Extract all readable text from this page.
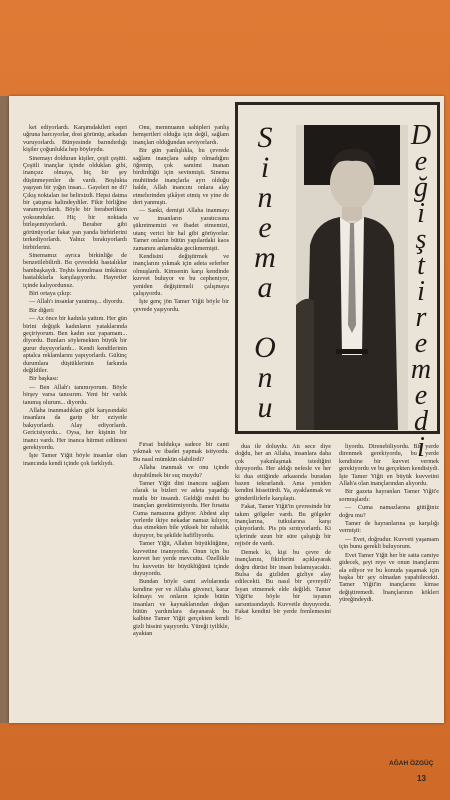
ket ediyorlardı. Karşımdakileri espri uğruna harcıyorlar, dost görünüp, arkadan vuruyorlardı. Bünyesinde barındırdığı kişiler çoğunlukla hep böyleydu.

Sinemayı dolduran kişiler, çeşit çeşitti. Çeşitli inançlar içinde olduklan gibi, inançsız olmaya, hiç bir şey düşünmeyenler de vardı. Boşlukta yaşıyan bir yığın insan... Gayeleri ne di? Çıkış noktaları ise belirsizdi. Hepsi daima bir çatışma halindeydiler. Fikir birliğine varamıyorlardı. Böyle bir beraberlikten yoksundular. Hiç bir noktada birleşemiyorlardı. Beraber gibi görünüyorlar fakat yan yanda birbirlerini terkediyorlardı. Yalnız bırakıyorlardı birbirlerini.

Sinemamız ayrıca birkinliğe de benzetilebilirdi. Bu çevredeki hastalıklar bambaşkaydı. Teşhis konulması imkânsız hastalıklarla karşılaşıyordu. Hayretler içinde kalıyordunuz.

Biri ortaya çıkıp:

— Allah'ı insanlar yaratmış... diyordu.

Bir diğeri:

— Az önce bir kadınla yattım. Her gün birini değişik kadınların yataklarında geçiriyorum. Ben kadın suz yapamam... diyordu. Bunları söylemekten büyük bir gurur duyuyorlardı... Kendi kendilerinin aptalca reklamlarını yapıyorlardı. Gülünç durumlara düştüklerinin farkında değildiler.

Bir başkası:

— Ben Allah'ı tanımıyorum. Böyle birşey varsa tanısırım. Yeni bir varlık tanımış olurum... diyordu.

Allaha inanmadıkları gibi karşısındaki insanlara da garip bir eziyetle bakıyorlardı. Alay ediyorlardı. Gericisiyordu... Oysa, her kişinin bir inancı vardı. Her inanca hürmet edilmesi gerekiyordu.

İşte Tamer Yiğit böyle insanlar olan inancında kendi içinde çok farklıydı.

Onu, memnuanın sahipleri yanlış hemşerileri olduğu için değil, sağlam inançları olduğundan seviyorlardı.

Bir gün yanlışlıkla, bu çevrede sağlam inançlara sahip olmadığını öğrenip, çok samimi inanan birdirdüğü için sevinmişti. Sinema muhitinde inançlarla ayrı olduğu halde, Allah inancını onlara alay etmelerinden şikâyet etmiş ve yine de dert yanmıştı.

— Sanki, demişti Allaha inanmayı ve insanların yaratıcısına şükretmemizi ve ibadet etmemizi, utanç verici bir hal gibi görüyorlar. Tamer onların bütün yapılardaki kaos zamanını anlamakta gecikmemişti.

Kendisini değiştirmek ve inançlarını yıkmak için adeta seferber olmuşlardı. Kimsenin karşı kendinde kuvvet buluyor ve bu cepheniyor, yeniden değiştirmeli çalışmaya çalışıyordu.

İşte genç jön Tamer Yiğit böyle bir çevrede yaşıyordu.

S
i
n
e
m
a

O
n
u
D
e
ğ
i
ş
t
i
r
e
m
e
d
i

Fırsat buldukça sadece bir cami yıkmak ve ibadet yapmak istiyordu. Bu nasıl mümkün olabilirdi?

Allaha inanmak ve onu içinde duyabilmek bir suç muydu?

Tamer Yiğit dini inancını sağlam olarak ta bizleri ve adeta yaşadığı mutlu bir insandı. Geldiği muhit bu inançları gerektirmiyordu. Her fırsatta Cuma namazına gidiyor. Abdest alıp yerlerde ikiye nekadar namaz kılıyor, dua etmekten bile yüksek bir rahatlık duyuyor, bu şekilde hafifliyordu.

Tamer Yiğit, Allahın büyüklüğüne, kuvvetine inanıyordu. Onun için bu kuvvet her yerde mevcuttu. Özellikle bu kuvvetin bir büyüklüğünü içinde duyuyordu.

Bundan böyle cami avlularında kendine yer ve Allaha güvenci, karar kılmayı ve onların içinde bütün insanları ve kaynaklarından doğan bütün yardımlara dayanarak bu kalbine Tamer Yiğit gerçekten kendi gizli hissini yaşıyordu. Yüreği iyilikle, ayaktan

dua ile doluydu. Atı sece diye doğdu, her an Allaha, insanlara daha çok yakınlaşmak istediğini duyuyordu. Her aldığı nefesle ve her ki dua ettiğinde arkasında buradan bazen tekrarlandı. Ama yeniden kendini hissettirdi. Ya, ayaklanmak ve gönderilirlerle karşılaştı.

Fakat, Tamer Yiğit'in çevresinde bir takım gölgeler vardı. Bu gölgeler inançlarına, tutkularına karşı çıkıyorlardı. Pis pis sırıtıyorlardı. Ki içlerinde uzun bir süre çalıştığı bir rejisör de vardı.

Demek ki, kişi bu çevre de inançlarını, fikirlerini açıklayarak doğru dürüst bir insan bulamıyacaktı. Bulsa da gizliden gizliye alay edilecekti. Bu nasıl bir çevreydi? İsyan etmemek elde değildi. Tamer Yiğit'te böyle bir isyanın sarsıntısındaydı. Kuvvetle duyuyordu. Fakat kendini bir yerde frenlemesini bi-

liyordu. Direnebiliyordu. Bir yerde direnmek gerekiyordu, bu yerde kendisine bir kuvvet vermek gerekiyordu ve bu gerçekten kendisiydi. İşte Tamer Yiğit en büyük kuvvetini Allah'a olan inançlarından alıyordu.

Bir gazeta hayranları Tamer Yiğit'e sormuşlardı:

— Cuma namazlarına gittiğiniz doğru mu?

Tamer de hayranlarına şu karşılığı vermişti:

— Evet, doğrudur. Kuvveti yaşamam için bunu gerekli buluyorum.

Evet Tamer Yiğit her bir satta camiye gidecek, şeyi reye ve onun inançlarını ala ediyor ve bu konuda yaşamak için başka bir şey olmadan yapabilecekti. Tamer Yiğit'in inançlarını kimse değiştiremedi. İnançlarının kökleri yüreğindeydi.

AĞAH ÖZGÜÇ
13
